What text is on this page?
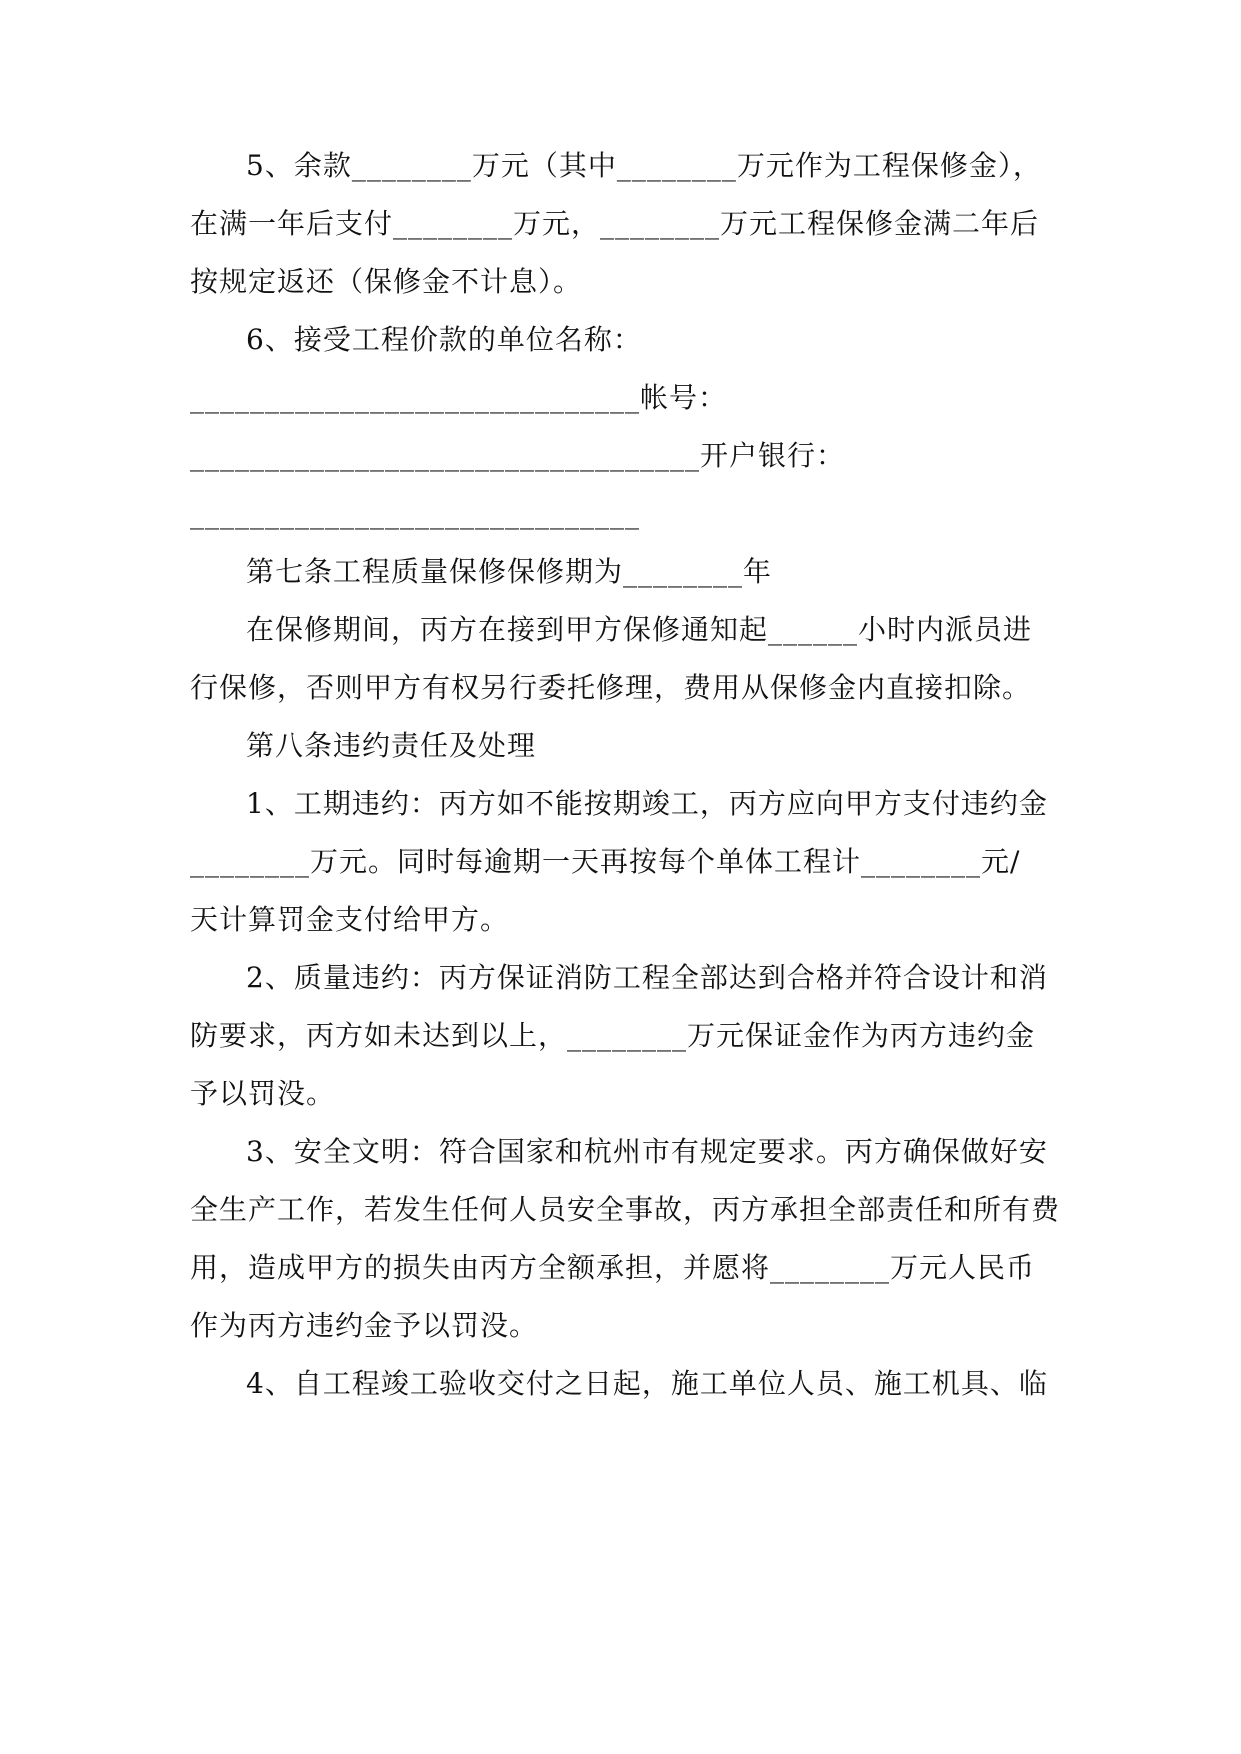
5、余款________万元（其中________万元作为工程保修金），
在满一年后支付________万元，________万元工程保修金满二年后
按规定返还（保修金不计息）。
6、接受工程价款的单位名称：
______________________________帐号：
__________________________________开户银行：
______________________________
第七条工程质量保修保修期为________年
在保修期间，丙方在接到甲方保修通知起______小时内派员进
行保修，否则甲方有权另行委托修理，费用从保修金内直接扣除。
第八条违约责任及处理
1、工期违约：丙方如不能按期竣工，丙方应向甲方支付违约金
________万元。同时每逾期一天再按每个单体工程计________元/
天计算罚金支付给甲方。
2、质量违约：丙方保证消防工程全部达到合格并符合设计和消
防要求，丙方如未达到以上，________万元保证金作为丙方违约金
予以罚没。
3、安全文明：符合国家和杭州市有规定要求。丙方确保做好安
全生产工作，若发生任何人员安全事故，丙方承担全部责任和所有费
用，造成甲方的损失由丙方全额承担，并愿将________万元人民币
作为丙方违约金予以罚没。
4、自工程竣工验收交付之日起，施工单位人员、施工机具、临
